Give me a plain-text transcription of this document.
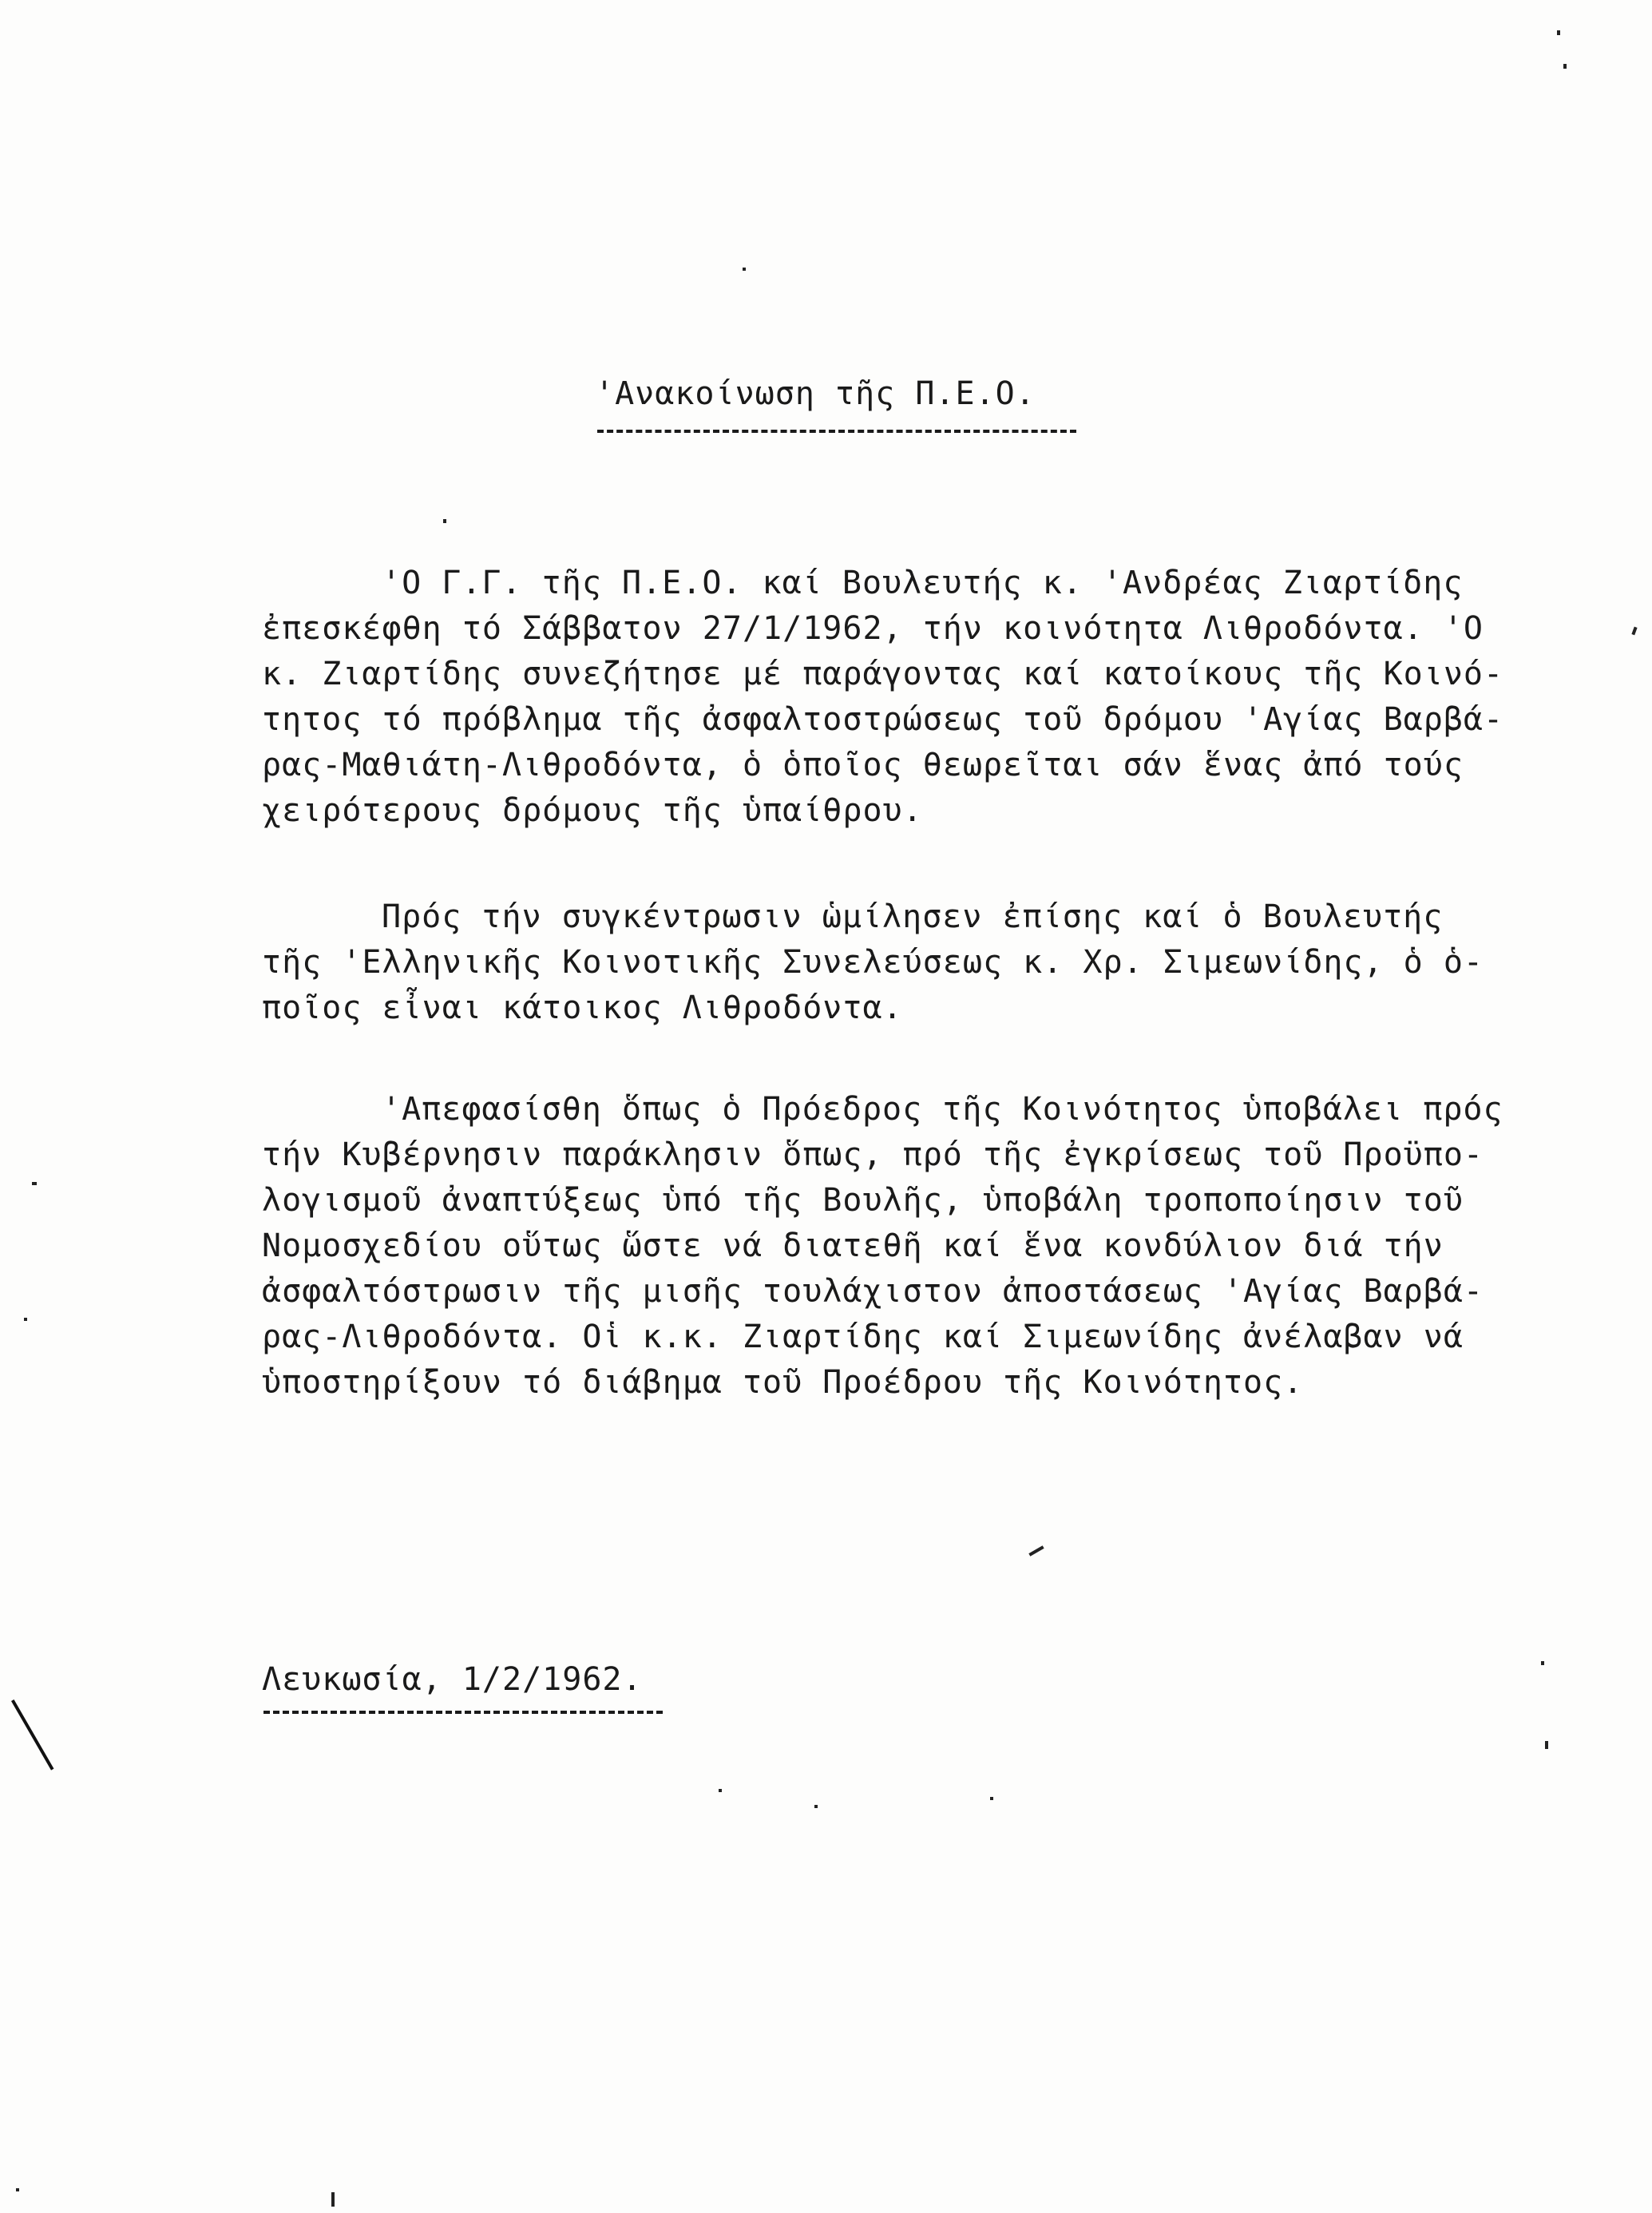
'Ανακοίνωση τῆς Π.Ε.Ο.
'Ο Γ.Γ. τῆς Π.Ε.Ο. καί Βουλευτής κ. 'Ανδρέας Ζιαρτίδης
ἐπεσκέφθη τό Σάββατον 27/1/1962, τήν κοινότητα Λιθροδόντα. 'Ο
κ. Ζιαρτίδης συνεζήτησε μέ παράγοντας καί κατοίκους τῆς Κοινό-
τητος τό πρόβλημα τῆς ἀσφαλτοστρώσεως τοῦ δρόμου 'Αγίας Βαρβά-
ρας-Μαθιάτη-Λιθροδόντα, ὁ ὁποῖος θεωρεῖται σάν ἕνας ἀπό τούς
χειρότερους δρόμους τῆς ὑπαίθρου.
Πρός τήν συγκέντρωσιν ὡμίλησεν ἐπίσης καί ὁ Βουλευτής
τῆς 'Ελληνικῆς Κοινοτικῆς Συνελεύσεως κ. Χρ. Σιμεωνίδης, ὁ ὁ-
ποῖος εἶναι κάτοικος Λιθροδόντα.
'Απεφασίσθη ὅπως ὁ Πρόεδρος τῆς Κοινότητος ὑποβάλει πρός
τήν Κυβέρνησιν παράκλησιν ὅπως, πρό τῆς ἐγκρίσεως τοῦ Προϋπο-
λογισμοῦ ἀναπτύξεως ὑπό τῆς Βουλῆς, ὑποβάλη τροποποίησιν τοῦ
Νομοσχεδίου οὕτως ὥστε νά διατεθῆ καί ἕνα κονδύλιον διά τήν
ἀσφαλτόστρωσιν τῆς μισῆς τουλάχιστον ἀποστάσεως 'Αγίας Βαρβά-
ρας-Λιθροδόντα. Οἱ κ.κ. Ζιαρτίδης καί Σιμεωνίδης ἀνέλαβαν νά
ὑποστηρίξουν τό διάβημα τοῦ Προέδρου τῆς Κοινότητος.
Λευκωσία, 1/2/1962.
